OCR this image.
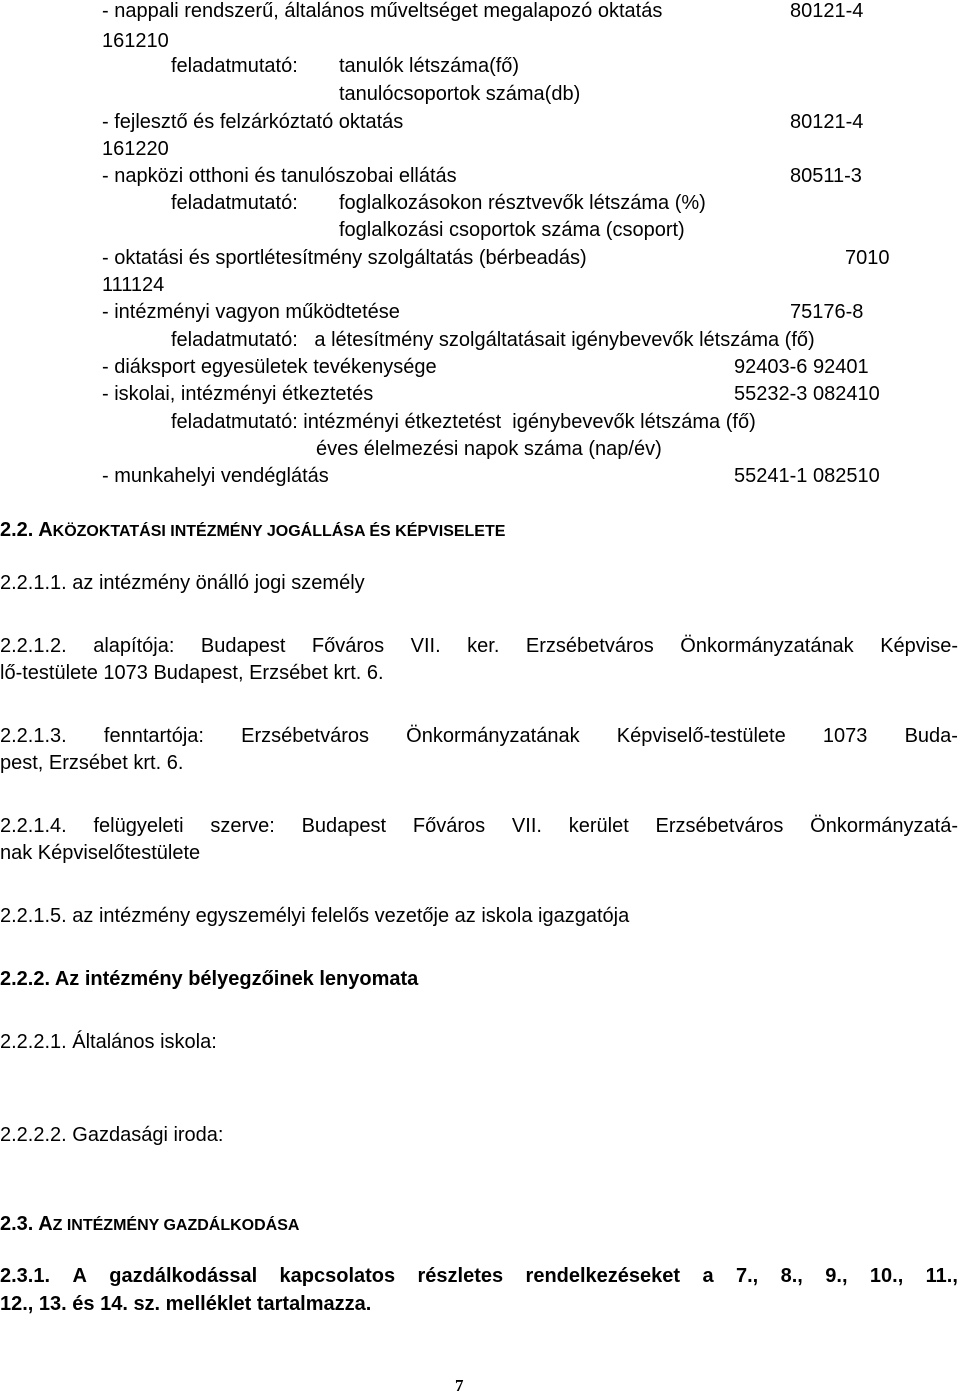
- nappali rendszerű, általános műveltséget megalapozó oktatás	80121-4
161210
feladatmutató: tanulók létszáma(fő)
tanulócsoportok száma(db)
- fejlesztő és felzárkóztató oktatás	80121-4
161220
- napközi otthoni és tanulószobai ellátás	80511-3
feladatmutató: foglalkozásokon résztvevők létszáma (%)
foglalkozási csoportok száma (csoport)
- oktatási és sportlétesítmény szolgáltatás (bérbeadás)	7010
111124
- intézményi vagyon működtetése	75176-8
feladatmutató:   a létesítmény szolgáltatásait igénybevevők létszáma (fő)
- diáksport egyesületek tevékenysége	92403-6 92401
- iskolai, intézményi étkeztetés	55232-3 082410
feladatmutató: intézményi étkeztetést  igénybevevők létszáma (fő)
éves élelmezési napok száma (nap/év)
- munkahelyi vendéglátás	55241-1 082510
2.2. AKÖZOKTATÁSI INTÉZMÉNY JOGÁLLÁSA ÉS KÉPVISELETE
2.2.1.1. az intézmény önálló jogi személy
2.2.1.2. alapítója: Budapest Főváros VII. ker. Erzsébetváros Önkormányzatának Képvise-
lő-testülete 1073 Budapest, Erzsébet krt. 6.
2.2.1.3. fenntartója: Erzsébetváros Önkormányzatának Képviselő-testülete 1073 Buda-
pest, Erzsébet krt. 6.
2.2.1.4. felügyeleti szerve: Budapest Főváros VII. kerület Erzsébetváros Önkormányzatá-
nak Képviselőtestülete
2.2.1.5. az intézmény egyszemélyi felelős vezetője az iskola igazgatója
2.2.2. Az intézmény bélyegzőinek lenyomata
2.2.2.1. Általános iskola:
2.2.2.2. Gazdasági iroda:
2.3. AZ INTÉZMÉNY GAZDÁLKODÁSA
2.3.1. A gazdálkodással kapcsolatos részletes rendelkezéseket a 7., 8., 9., 10., 11.,
12., 13. és 14. sz. melléklet tartalmazza.
7
